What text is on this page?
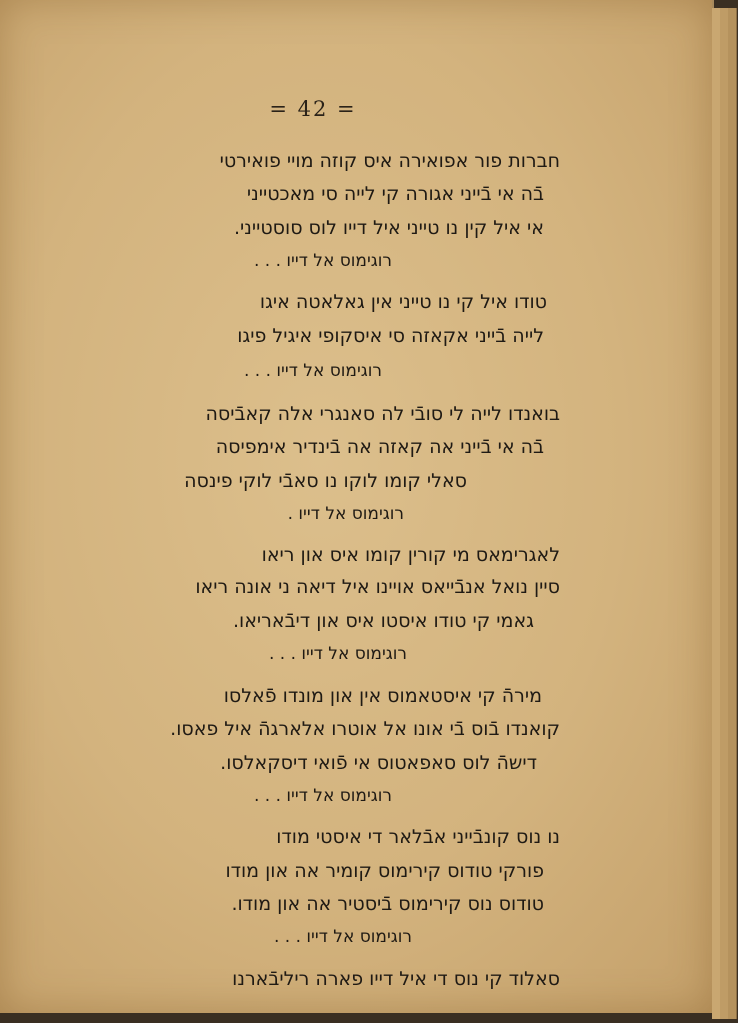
= 42 =
חברות פור אפואירה איס קוזה מויי פואירטי
בֿה אי בֿייני אגורה קי לייה סי מאכטייני
אי איל קין נו טייני איל דייו לוס סוסטייני.
רוגימוס אל דייו . . .
טודו איל קי נו טייני אין גאלאטה איגו
לייה בֿייני אקאזה סי איסקופי איגיל פיגו
רוגימוס אל דייו . . .
בואנדו לייה לי סובֿי לה סאנגרי אלה קאבֿיסה
בֿה אי בֿייני אה קאזה אה בֿינדיר אימפיסה
סאלי קומו לוקו נו סאבֿי לוקי פינסה
רוגימוס אל דייו .
לאגרימאס מי קורין קומו איס און ריאו
סיין נואל אנבֿייאס אויינו איל דיאה ני אונה ריאו
גאמי קי טודו איסטו איס און דיבֿאריאו.
רוגימוס אל דייו . . .
מירהֿ קי איסטאמוס אין און מונדו פֿאלסו
קואנדו בֿוס בֿי אונו אל אוטרו אלארגהֿ איל פאסו.
דישהֿ לוס סאפאטוס אי פֿואי דיסקאלסו.
רוגימוס אל דייו . . .
נו נוס קונבֿייני אבֿלאר די איסטי מודו
פורקי טודוס קירימוס קומיר אה און מודו
טודוס נוס קירימוס בֿיסטיר אה און מודו.
רוגימוס אל דייו . . .
סאלוד קי נוס די איל דייו פארה ריליבֿארנו
